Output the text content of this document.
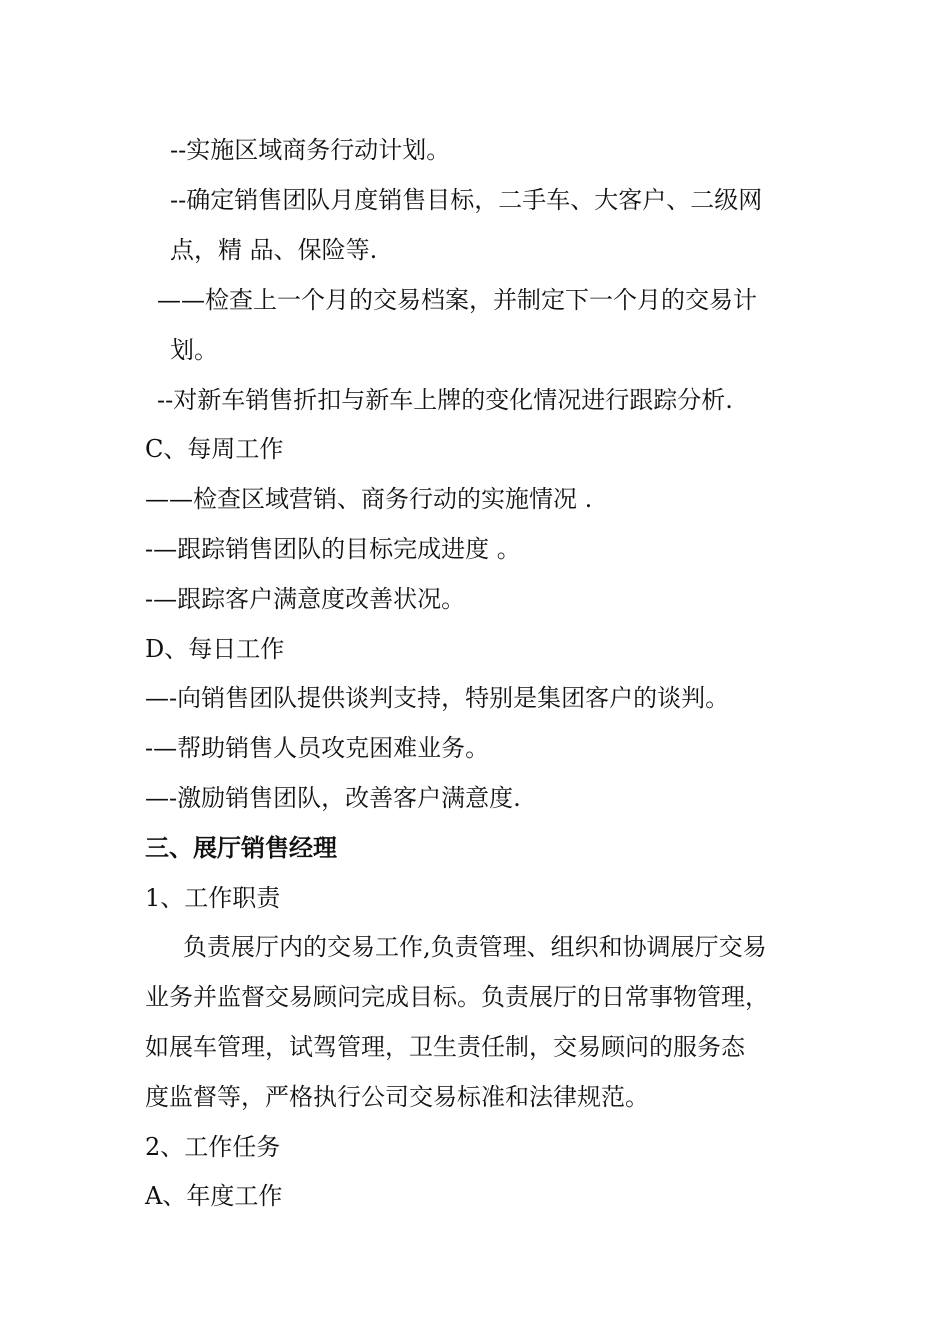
--实施区域商务行动计划。
--确定销售团队月度销售目标，二手车、大客户、二级网
点，精 品、保险等.
——检查上一个月的交易档案，并制定下一个月的交易计
划。
--对新车销售折扣与新车上牌的变化情况进行跟踪分析.
C、每周工作
——检查区域营销、商务行动的实施情况 .
-—跟踪销售团队的目标完成进度 。
-—跟踪客户满意度改善状况。
D、每日工作
—-向销售团队提供谈判支持，特别是集团客户的谈判。
-—帮助销售人员攻克困难业务。
—-激励销售团队，改善客户满意度.
三、展厅销售经理
1、工作职责
负责展厅内的交易工作,负责管理、组织和协调展厅交易
业务并监督交易顾问完成目标。负责展厅的日常事物管理，
如展车管理，试驾管理，卫生责任制，交易顾问的服务态
度监督等，严格执行公司交易标准和法律规范。
2、工作任务
A、年度工作
